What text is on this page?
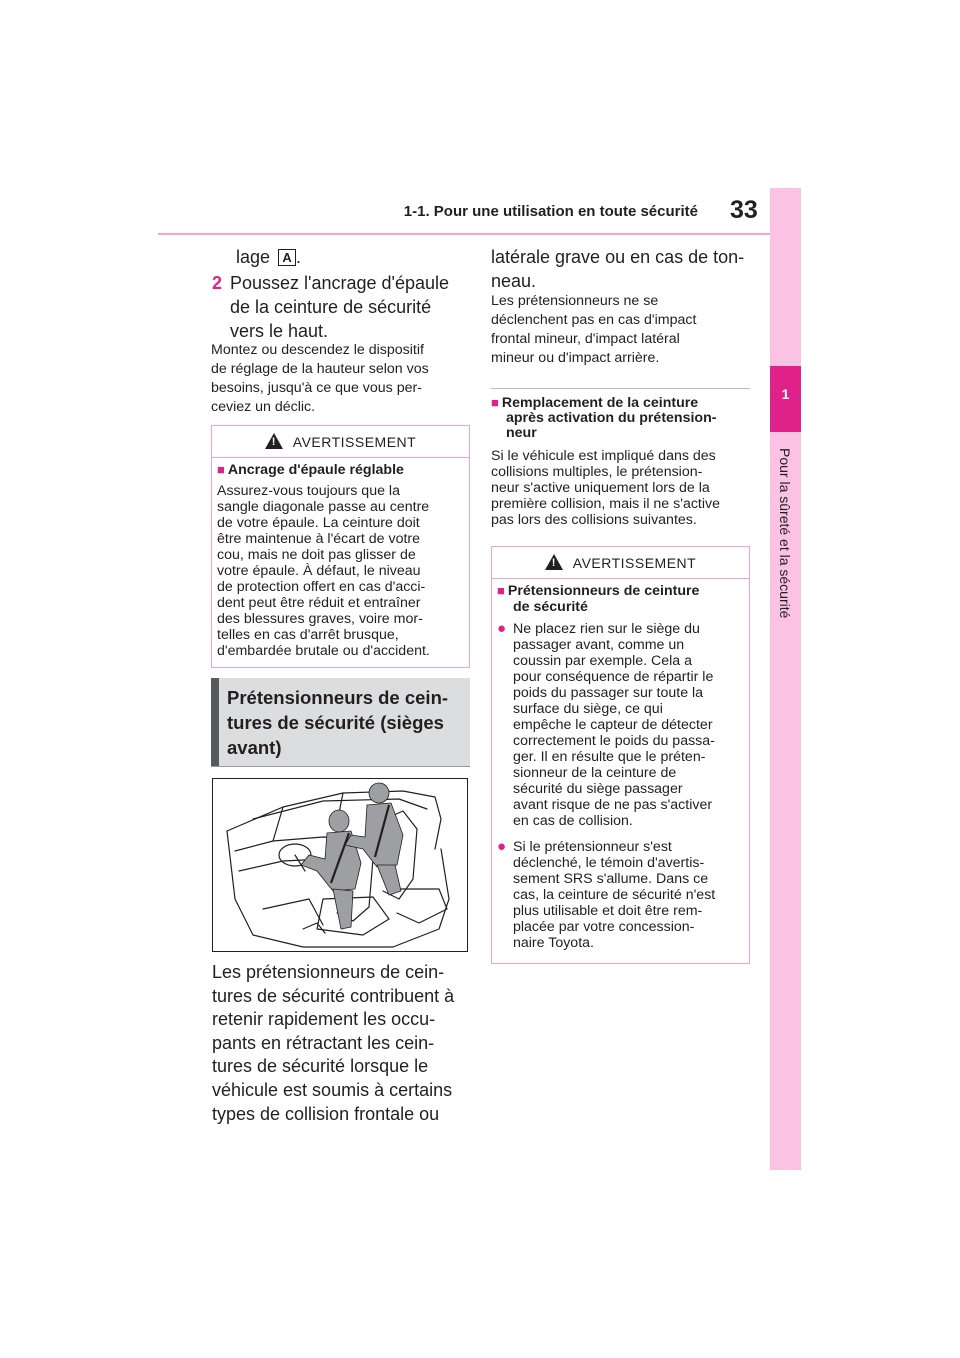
1-1. Pour une utilisation en toute sécurité 33
1
Pour la sûreté et la sécurité
lage A .
2 Poussez l'ancrage d'épaule
de la ceinture de sécurité
vers le haut.
Montez ou descendez le dispositif
de réglage de la hauteur selon vos
besoins, jusqu'à ce que vous per-
ceviez un déclic.
!AVERTISSEMENT
■ Ancrage d'épaule réglable
Assurez-vous toujours que la
sangle diagonale passe au centre
de votre épaule. La ceinture doit
être maintenue à l'écart de votre
cou, mais ne doit pas glisser de
votre épaule. À défaut, le niveau
de protection offert en cas d'acci-
dent peut être réduit et entraîner
des blessures graves, voire mor-
telles en cas d'arrêt brusque,
d'embardée brutale ou d'accident.
Prétensionneurs de cein-
tures de sécurité (sièges
avant)
Les prétensionneurs de cein-
tures de sécurité contribuent à
retenir rapidement les occu-
pants en rétractant les cein-
tures de sécurité lorsque le
véhicule est soumis à certains
types de collision frontale ou
latérale grave ou en cas de ton-
neau.
Les prétensionneurs ne se
déclenchent pas en cas d'impact
frontal mineur, d'impact latéral
mineur ou d'impact arrière.
■ Remplacement de la ceinture
après activation du prétension-
neur
Si le véhicule est impliqué dans des
collisions multiples, le prétension-
neur s'active uniquement lors de la
première collision, mais il ne s'active
pas lors des collisions suivantes.
!AVERTISSEMENT
■ Prétensionneurs de ceinture
de sécurité
● Ne placez rien sur le siège du
passager avant, comme un
coussin par exemple. Cela a
pour conséquence de répartir le
poids du passager sur toute la
surface du siège, ce qui
empêche le capteur de détecter
correctement le poids du passa-
ger. Il en résulte que le préten-
sionneur de la ceinture de
sécurité du siège passager
avant risque de ne pas s'activer
en cas de collision.
● Si le prétensionneur s'est
déclenché, le témoin d'avertis-
sement SRS s'allume. Dans ce
cas, la ceinture de sécurité n'est
plus utilisable et doit être rem-
placée par votre concession-
naire Toyota.
